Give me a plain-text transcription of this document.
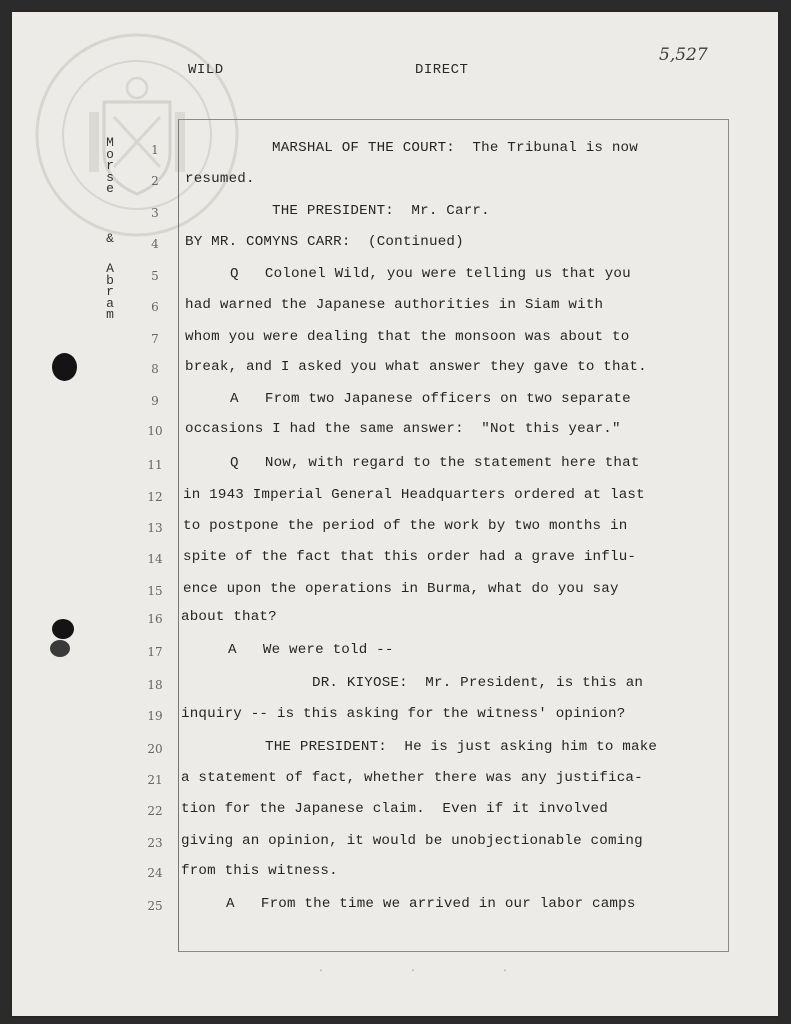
5,527
WILD	DIRECT
M
o
r
s
e
&
A
b
r
a
m
1	MARSHAL OF THE COURT:  The Tribunal is now
2	resumed.
3	THE PRESIDENT:  Mr. Carr.
4	BY MR. COMYNS CARR:  (Continued)
5	Q   Colonel Wild, you were telling us that you
6	had warned the Japanese authorities in Siam with
7	whom you were dealing that the monsoon was about to
8	break, and I asked you what answer they gave to that.
9	A   From two Japanese officers on two separate
10	occasions I had the same answer:  "Not this year."
11	Q   Now, with regard to the statement here that
12	in 1943 Imperial General Headquarters ordered at last
13	to postpone the period of the work by two months in
14	spite of the fact that this order had a grave influ-
15	ence upon the operations in Burma, what do you say
16	about that?
17	A   We were told --
18	DR. KIYOSE:  Mr. President, is this an
19	inquiry -- is this asking for the witness' opinion?
20	THE PRESIDENT:  He is just asking him to make
21	a statement of fact, whether there was any justifica-
22	tion for the Japanese claim.  Even if it involved
23	giving an opinion, it would be unobjectionable coming
24	from this witness.
25	A   From the time we arrived in our labor camps
· · ·
